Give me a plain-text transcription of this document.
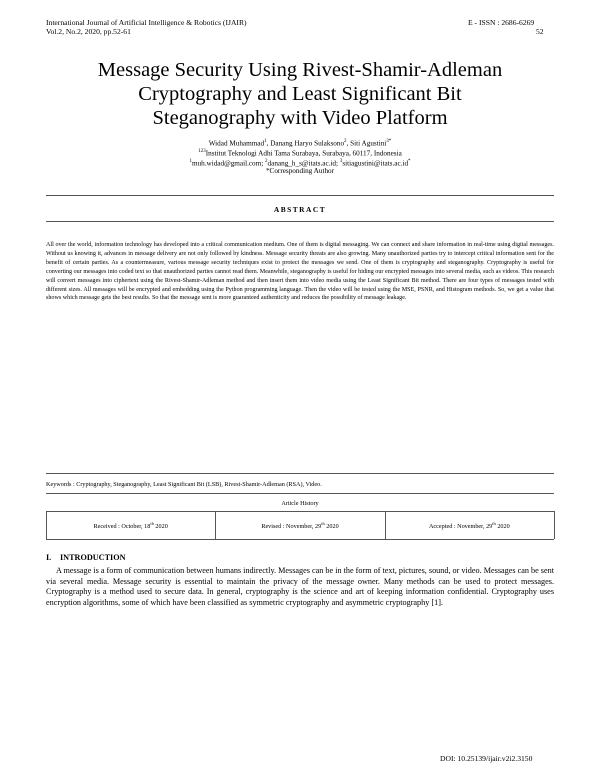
International Journal of Artificial Intelligence & Robotics (IJAIR)
Vol.2, No.2, 2020, pp.52-61
E - ISSN : 2686-6269
52
Message Security Using Rivest-Shamir-Adleman
Cryptography and Least Significant Bit
Steganography with Video Platform
Widad Muhammad$^1$, Danang Haryo Sulaksono$^2$, Siti Agustini$^{3*}$
$^{123}$Institut Teknologi Adhi Tama Surabaya, Surabaya, 60117, Indonesia
$^1$muh.widad@gmail.com; $^2$danang_h_s@itats.ac.id; $^3$sitiagustini@itats.ac.id*
*Corresponding Author
ABSTRACT
All over the world, information technology has developed into a critical communication medium. One of them is digital messaging. We can connect and share information in real-time using digital messages. Without us knowing it, advances in message delivery are not only followed by kindness. Message security threats are also growing. Many unauthorized parties try to intercept critical information sent for the benefit of certain parties. As a countermeasure, various message security techniques exist to protect the messages we send. One of them is cryptography and steganography. Cryptography is useful for converting our messages into coded text so that unauthorized parties cannot read them. Meanwhile, steganography is useful for hiding our encrypted messages into several media, such as videos. This research will convert messages into ciphertext using the Rivest-Shamir-Adleman method and then insert them into video media using the Least Significant Bit method. There are four types of messages tested with different sizes. All messages will be encrypted and embedding using the Python programming language. Then the video will be tested using the MSE, PSNR, and Histogram methods. So, we get a value that shows which message gets the best results. So that the message sent is more guaranteed authenticity and reduces the possibility of message leakage.
Keywords : Cryptography, Steganography, Least Significant Bit (LSB), Rivest-Shamir-Adleman (RSA), Video.
Article History
Received : October, 18th 2020	Revised : November, 29th 2020	Accepted : November, 29th 2020
I. INTRODUCTION
A message is a form of communication between humans indirectly. Messages can be in the form of text, pictures, sound, or video. Messages can be sent via several media. Message security is essential to maintain the privacy of the message owner. Many methods can be used to protect messages. Cryptography is a method used to secure data. In general, cryptography is the science and art of keeping information confidential. Cryptography uses encryption algorithms, some of which have been classified as symmetric cryptography and asymmetric cryptography [1].
DOI: 10.25139/ijair.v2i2.3150
